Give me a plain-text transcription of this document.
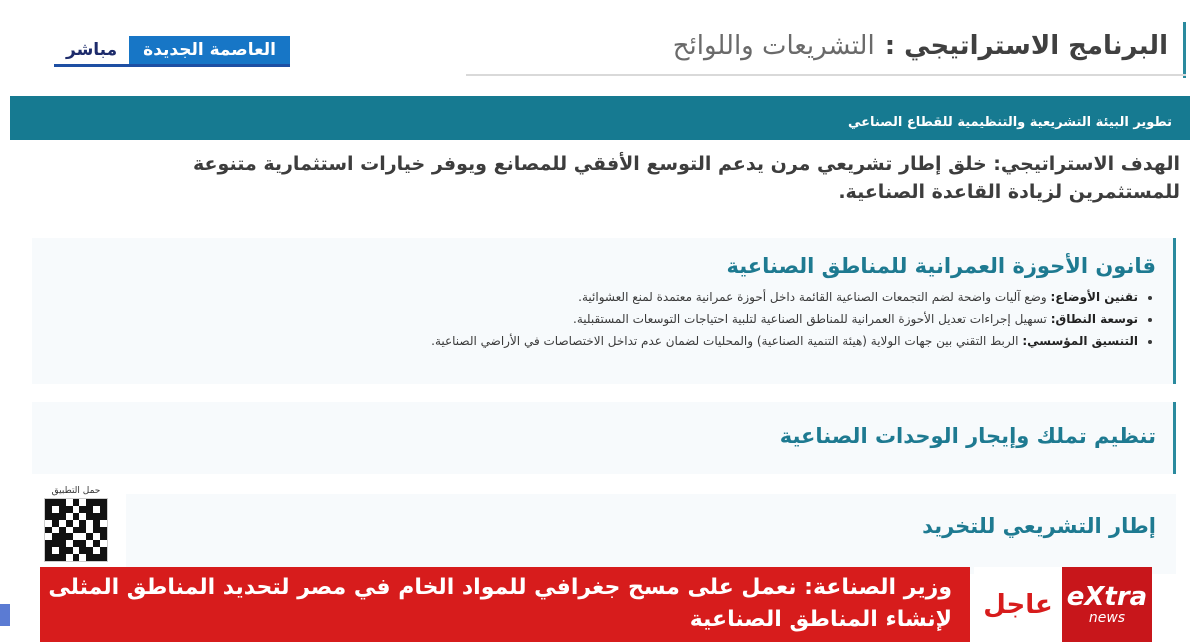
البرنامج الاستراتيجي :
التشريعات واللوائح
مباشر	العاصمة الجديدة
تطوير البيئة التشريعية والتنظيمية للقطاع الصناعي
الهدف الاستراتيجي: خلق إطار تشريعي مرن يدعم التوسع الأفقي للمصانع ويوفر خيارات استثمارية متنوعة للمستثمرين لزيادة القاعدة الصناعية.
قانون الأحوزة العمرانية للمناطق الصناعية
• تقنين الأوضاع: وضع آليات واضحة لضم التجمعات الصناعية القائمة داخل أحوزة عمرانية معتمدة لمنع العشوائية.
• توسعة النطاق: تسهيل إجراءات تعديل الأحوزة العمرانية للمناطق الصناعية لتلبية احتياجات التوسعات المستقبلية.
• التنسيق المؤسسي: الربط التقني بين جهات الولاية (هيئة التنمية الصناعية) والمحليات لضمان عدم تداخل الاختصاصات في الأراضي الصناعية.
تنظيم تملك وإيجار الوحدات الصناعية
إطار التشريعي للتخريد
حمل التطبيق
وزير الصناعة: نعمل على مسح جغرافي للمواد الخام في مصر لتحديد المناطق المثلى لإنشاء المناطق الصناعية	عاجل eXtra
news
